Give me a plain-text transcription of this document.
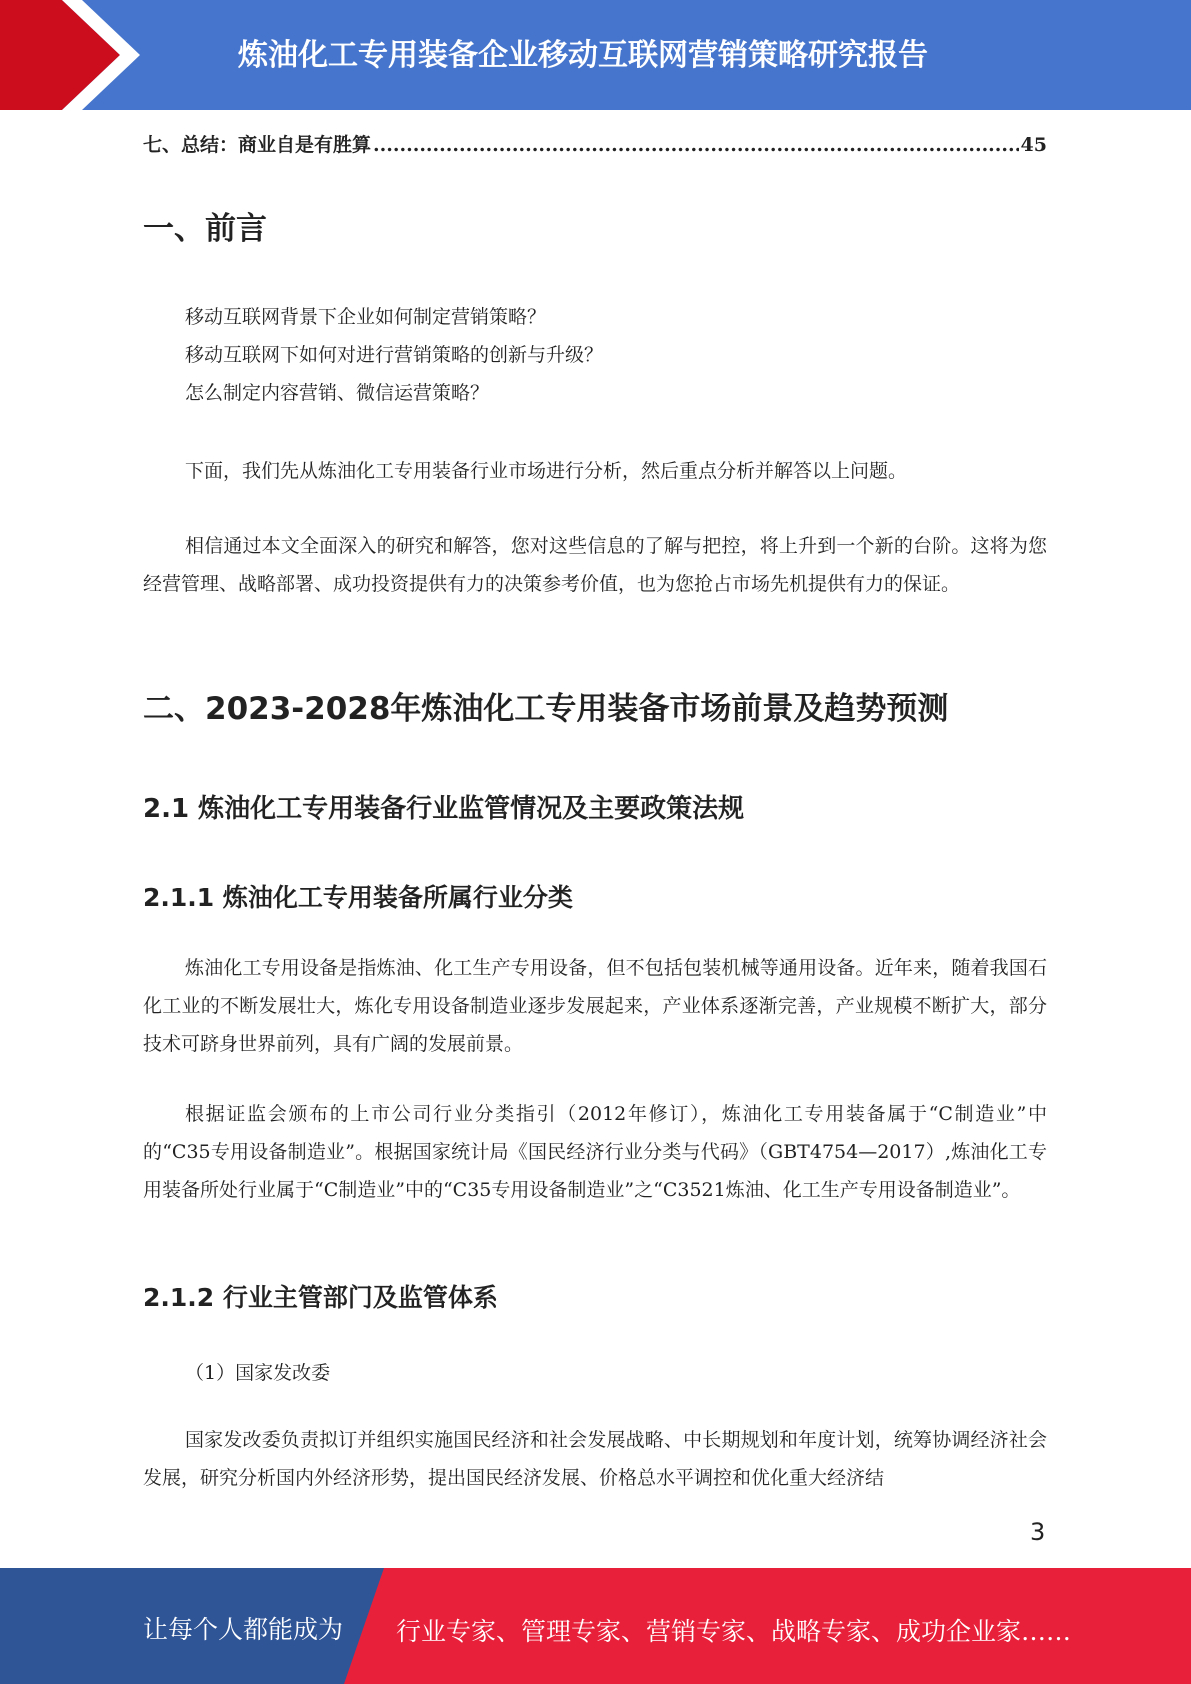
炼油化工专用装备企业移动互联网营销策略研究报告
七、总结：商业自是有胜算
.....	45
一、前言
移动互联网背景下企业如何制定营销策略？
移动互联网下如何对进行营销策略的创新与升级？
怎么制定内容营销、微信运营策略？
下面，我们先从炼油化工专用装备行业市场进行分析，然后重点分析并解答以上问题。
相信通过本文全面深入的研究和解答，您对这些信息的了解与把控，将上升到一个新的台阶。这将为您经营管理、战略部署、成功投资提供有力的决策参考价值，也为您抢占市场先机提供有力的保证。
二、2023-2028年炼油化工专用装备市场前景及趋势预测
2.1 炼油化工专用装备行业监管情况及主要政策法规
2.1.1 炼油化工专用装备所属行业分类
炼油化工专用设备是指炼油、化工生产专用设备，但不包括包装机械等通用设备。近年来，随着我国石化工业的不断发展壮大，炼化专用设备制造业逐步发展起来，产业体系逐渐完善，产业规模不断扩大，部分技术可跻身世界前列，具有广阔的发展前景。
根据证监会颁布的上市公司行业分类指引（2012年修订），炼油化工专用装备属于“C制造业”中的“C35专用设备制造业”。根据国家统计局《国民经济行业分类与代码》（GBT4754—2017）,炼油化工专用装备所处行业属于“C制造业”中的“C35专用设备制造业”之“C3521炼油、化工生产专用设备制造业”。
2.1.2 行业主管部门及监管体系
（1）国家发改委
国家发改委负责拟订并组织实施国民经济和社会发展战略、中长期规划和年度计划，统筹协调经济社会发展，研究分析国内外经济形势，提出国民经济发展、价格总水平调控和优化重大经济结
3
让每个人都能成为 行业专家、管理专家、营销专家、战略专家、成功企业家……
